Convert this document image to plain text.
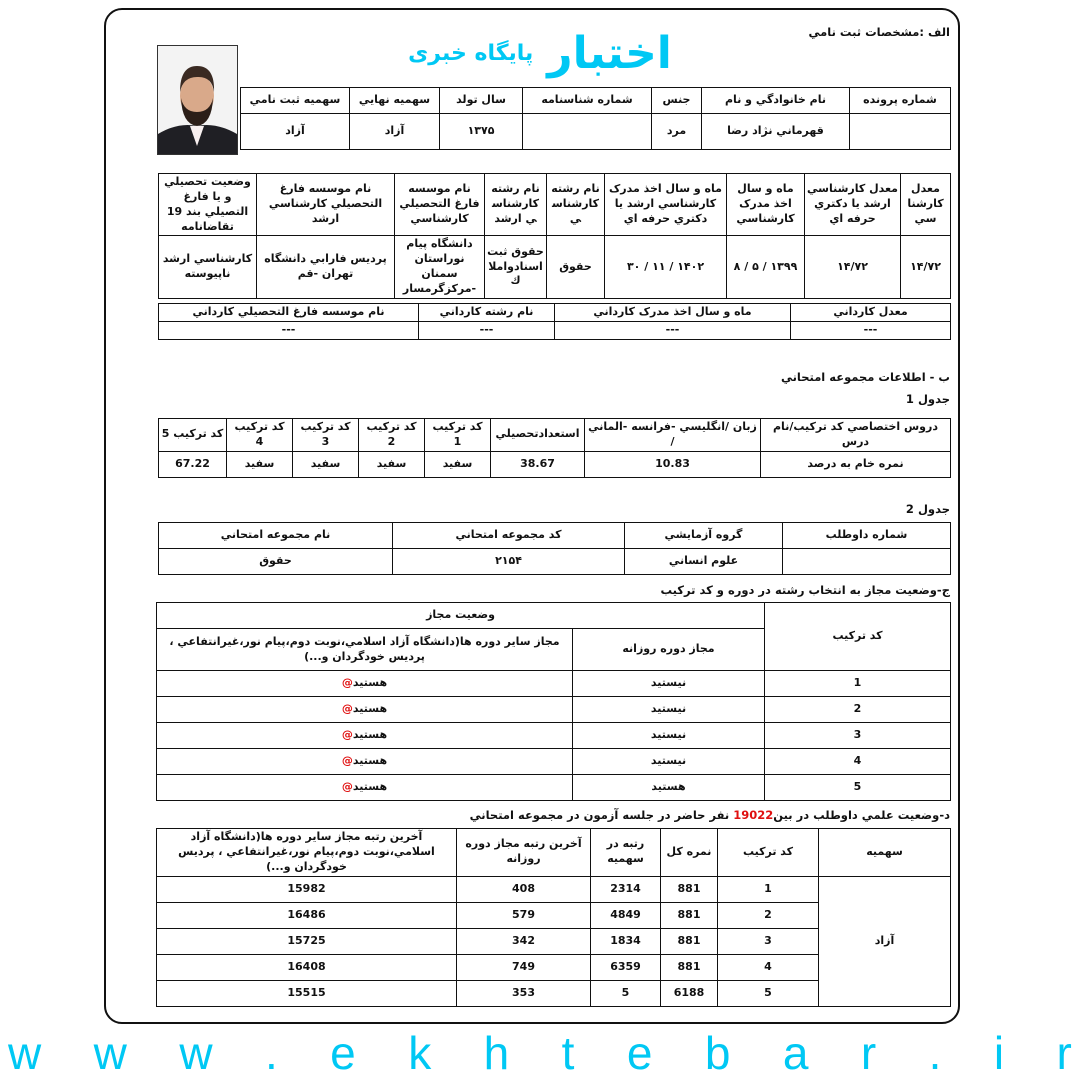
الف :مشخصات ثبت نامي
پایگاه خبری اختبار
شماره پرونده	نام خانوادگي و نام	جنس	شماره شناسنامه	سال تولد	سهميه نهايي	سهميه ثبت نامي
	قهرماني نژاد رضا	مرد		۱۳۷۵	آزاد	آزاد
معدل كارشناسي	معدل كارشناسي ارشد يا دكتري حرفه اي	ماه و سال اخذ مدرک كارشناسي	ماه و سال اخذ مدرک كارشناسي ارشد يا دكتري حرفه اي	نام رشته كارشناسي	نام رشته كارشناسي ارشد	نام موسسه فارغ التحصيلي كارشناسي	نام موسسه فارغ التحصيلي كارشناسي ارشد	وضعيت تحصيلي و يا فارغ التصيلي بند 19 تقاضانامه
۱۴/۷۲	۱۴/۷۲	۱۳۹۹ / ۵ / ۸	۱۴۰۲ / ۱۱ / ۳۰	حقوق	حقوق ثبت اسنادواملاك	دانشگاه پيام نوراستان سمنان -مركزگرمسار	پرديس فارابي دانشگاه تهران -قم	كارشناسي ارشد ناپيوسته
معدل كارداني	ماه و سال اخذ مدرک كارداني	نام رشته كارداني	نام موسسه فارغ التحصيلي كارداني
---	---	---	---
ب - اطلاعات مجموعه امتحاني
جدول 1
دروس اختصاصي كد تركيب/نام درس	زبان /انگليسي -فرانسه -الماني /	استعدادتحصيلي	كد تركيب 1	كد تركيب 2	كد تركيب 3	كد تركيب 4	كد تركيب 5
نمره خام به درصد	10.83	38.67	سفيد	سفيد	سفيد	سفيد	67.22
جدول 2
شماره داوطلب	گروه آزمايشي	كد مجموعه امتحاني	نام مجموعه امتحاني
	علوم انساني	۲۱۵۴	حقوق
ج-وضعيت مجاز به انتخاب رشته در دوره و كد تركيب
كد تركيب	وضعيت مجاز	
	مجاز دوره روزانه	مجاز ساير دوره ها(دانشگاه آزاد اسلامي،نوبت دوم،پيام نور،غيرانتفاعي ، پرديس خودگردان و...)
1	نيستيد	هستيد@
2	نيستيد	هستيد@
3	نيستيد	هستيد@
4	نيستيد	هستيد@
5	هستيد	هستيد@
د-وضعيت علمي داوطلب در بين19022 نفر حاضر در جلسه آزمون در مجموعه امتحاني
سهميه	كد تركيب	نمره كل	رتبه در سهميه	آخرين رتبه مجاز دوره روزانه	آخرين رتبه مجاز ساير دوره ها(دانشگاه آزاد اسلامي،نوبت دوم،پيام نور،غيرانتفاعي ، پرديس خودگردان و...)
آزاد	1	881	2314	408	15982
	2	881	4849	579	16486
	3	881	1834	342	15725
	4	881	6359	749	16408
	5	6188	5	353	15515
w w w . e k h t e b a r . i r
